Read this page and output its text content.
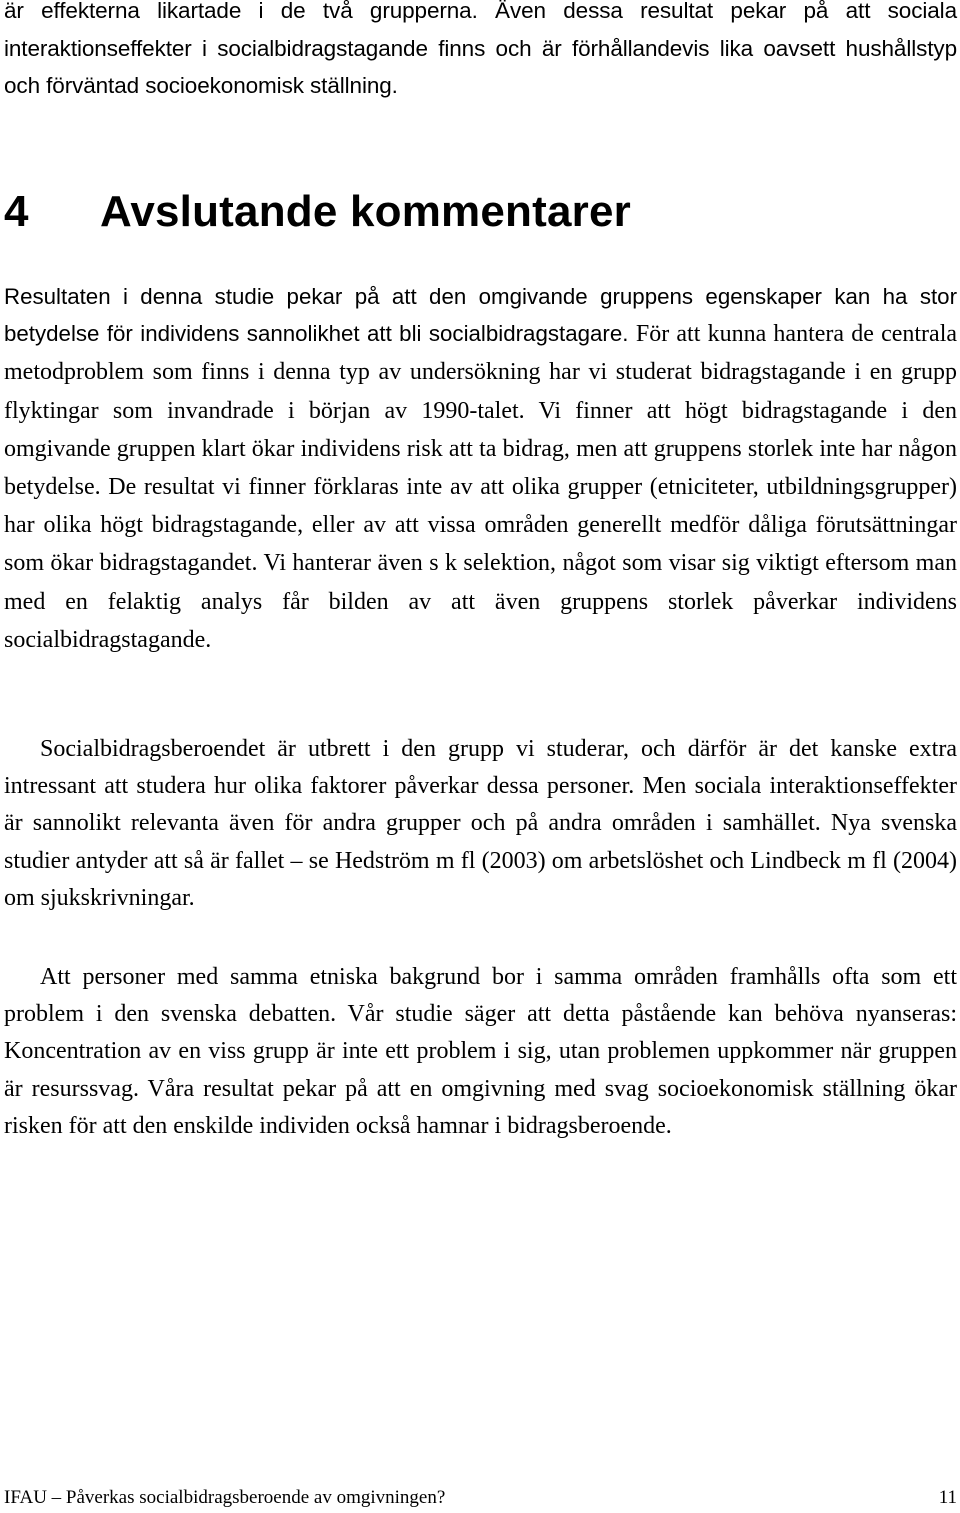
är effekterna likartade i de två grupperna. Även dessa resultat pekar på att sociala interaktionseffekter i socialbidragstagande finns och är förhållandevis lika oavsett hushållstyp och förväntad socioekonomisk ställning.

4 Avslutande kommentarer

Resultaten i denna studie pekar på att den omgivande gruppens egenskaper kan ha stor betydelse för individens sannolikhet att bli socialbidragstagare. För att kunna hantera de centrala metodproblem som finns i denna typ av undersökning har vi studerat bidragstagande i en grupp flyktingar som invandrade i början av 1990-talet. Vi finner att högt bidragstagande i den omgivande gruppen klart ökar individens risk att ta bidrag, men att gruppens storlek inte har någon betydelse. De resultat vi finner förklaras inte av att olika grupper (etniciteter, utbildningsgrupper) har olika högt bidragstagande, eller av att vissa områden generellt medför dåliga förutsättningar som ökar bidragstagandet. Vi hanterar även s k selektion, något som visar sig viktigt eftersom man med en felaktig analys får bilden av att även gruppens storlek påverkar individens socialbidragstagande.

Socialbidragsberoendet är utbrett i den grupp vi studerar, och därför är det kanske extra intressant att studera hur olika faktorer påverkar dessa personer. Men sociala interaktionseffekter är sannolikt relevanta även för andra grupper och på andra områden i samhället. Nya svenska studier antyder att så är fallet – se Hedström m fl (2003) om arbetslöshet och Lindbeck m fl (2004) om sjukskrivningar.

Att personer med samma etniska bakgrund bor i samma områden framhålls ofta som ett problem i den svenska debatten. Vår studie säger att detta påstående kan behöva nyanseras: Koncentration av en viss grupp är inte ett problem i sig, utan problemen uppkommer när gruppen är resurssvag. Våra resultat pekar på att en omgivning med svag socioekonomisk ställning ökar risken för att den enskilde individen också hamnar i bidragsberoende.

IFAU – Påverkas socialbidragsberoende av omgivningen?	11
